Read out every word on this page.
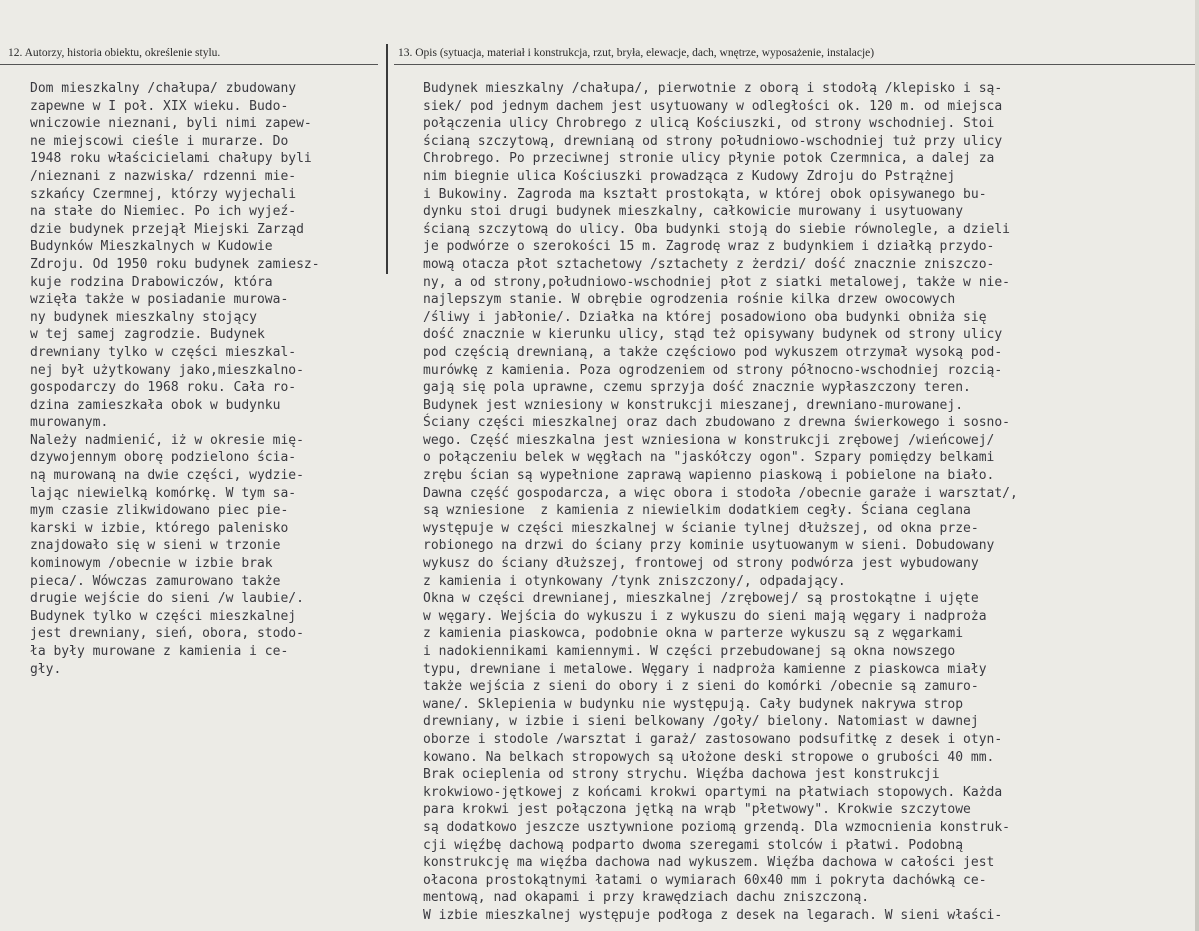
12. Autorzy, historia obiektu, określenie stylu.	13. Opis (sytuacja, materiał i konstrukcja, rzut, bryła, elewacje, dach, wnętrze, wyposażenie, instalacje)
Dom mieszkalny /chałupa/ zbudowany
zapewne w I poł. XIX wieku. Budo-
wniczowie nieznani, byli nimi zapew-
ne miejscowi cieśle i murarze. Do
1948 roku właścicielami chałupy byli
/nieznani z nazwiska/ rdzenni mie-
szkańcy Czermnej, którzy wyjechali
na stałe do Niemiec. Po ich wyjeź-
dzie budynek przejął Miejski Zarząd
Budynków Mieszkalnych w Kudowie
Zdroju. Od 1950 roku budynek zamiesz-
kuje rodzina Drabowiczów, która
wzięła także w posiadanie murowa-
ny budynek mieszkalny stojący
w tej samej zagrodzie. Budynek
drewniany tylko w części mieszkal-
nej był użytkowany jako,mieszkalno-
gospodarczy do 1968 roku. Cała ro-
dzina zamieszkała obok w budynku
murowanym.
Należy nadmienić, iż w okresie mię-
dzywojennym oborę podzielono ścia-
ną murowaną na dwie części, wydzie-
lając niewielką komórkę. W tym sa-
mym czasie zlikwidowano piec pie-
karski w izbie, którego palenisko
znajdowało się w sieni w trzonie
kominowym /obecnie w izbie brak
pieca/. Wówczas zamurowano także
drugie wejście do sieni /w laubie/.
Budynek tylko w części mieszkalnej
jest drewniany, sień, obora, stodo-
ła były murowane z kamienia i ce-
gły.
Budynek mieszkalny /chałupa/, pierwotnie z oborą i stodołą /klepisko i są-
siek/ pod jednym dachem jest usytuowany w odległości ok. 120 m. od miejsca
połączenia ulicy Chrobrego z ulicą Kościuszki, od strony wschodniej. Stoi
ścianą szczytową, drewnianą od strony południowo-wschodniej tuż przy ulicy
Chrobrego. Po przeciwnej stronie ulicy płynie potok Czermnica, a dalej za
nim biegnie ulica Kościuszki prowadząca z Kudowy Zdroju do Pstrążnej
i Bukowiny. Zagroda ma kształt prostokąta, w której obok opisywanego bu-
dynku stoi drugi budynek mieszkalny, całkowicie murowany i usytuowany
ścianą szczytową do ulicy. Oba budynki stoją do siebie równolegle, a dzieli
je podwórze o szerokości 15 m. Zagrodę wraz z budynkiem i działką przydo-
mową otacza płot sztachetowy /sztachety z żerdzi/ dość znacznie zniszczo-
ny, a od strony,południowo-wschodniej płot z siatki metalowej, także w nie-
najlepszym stanie. W obrębie ogrodzenia rośnie kilka drzew owocowych
/śliwy i jabłonie/. Działka na której posadowiono oba budynki obniża się
dość znacznie w kierunku ulicy, stąd też opisywany budynek od strony ulicy
pod częścią drewnianą, a także częściowo pod wykuszem otrzymał wysoką pod-
murówkę z kamienia. Poza ogrodzeniem od strony północno-wschodniej rozcią-
gają się pola uprawne, czemu sprzyja dość znacznie wypłaszczony teren.
Budynek jest wzniesiony w konstrukcji mieszanej, drewniano-murowanej.
Ściany części mieszkalnej oraz dach zbudowano z drewna świerkowego i sosno-
wego. Część mieszkalna jest wzniesiona w konstrukcji zrębowej /wieńcowej/
o połączeniu belek w węgłach na "jaskółczy ogon". Szpary pomiędzy belkami
zrębu ścian są wypełnione zaprawą wapienno piaskową i pobielone na biało.
Dawna część gospodarcza, a więc obora i stodoła /obecnie garaże i warsztat/,
są wzniesione  z kamienia z niewielkim dodatkiem cegły. Ściana ceglana
występuje w części mieszkalnej w ścianie tylnej dłuższej, od okna prze-
robionego na drzwi do ściany przy kominie usytuowanym w sieni. Dobudowany
wykusz do ściany dłuższej, frontowej od strony podwórza jest wybudowany
z kamienia i otynkowany /tynk zniszczony/, odpadający.
Okna w części drewnianej, mieszkalnej /zrębowej/ są prostokątne i ujęte
w węgary. Wejścia do wykuszu i z wykuszu do sieni mają węgary i nadproża
z kamienia piaskowca, podobnie okna w parterze wykuszu są z węgarkami
i nadokiennikami kamiennymi. W części przebudowanej są okna nowszego
typu, drewniane i metalowe. Węgary i nadproża kamienne z piaskowca miały
także wejścia z sieni do obory i z sieni do komórki /obecnie są zamuro-
wane/. Sklepienia w budynku nie występują. Cały budynek nakrywa strop
drewniany, w izbie i sieni belkowany /goły/ bielony. Natomiast w dawnej
oborze i stodole /warsztat i garaż/ zastosowano podsufitkę z desek i otyn-
kowano. Na belkach stropowych są ułożone deski stropowe o grubości 40 mm.
Brak ocieplenia od strony strychu. Więźba dachowa jest konstrukcji
krokwiowo-jętkowej z końcami krokwi opartymi na płatwiach stopowych. Każda
para krokwi jest połączona jętką na wrąb "płetwowy". Krokwie szczytowe
są dodatkowo jeszcze usztywnione poziomą grzendą. Dla wzmocnienia konstruk-
cji więźbę dachową podparto dwoma szeregami stolców i płatwi. Podobną
konstrukcję ma więźba dachowa nad wykuszem. Więźba dachowa w całości jest
ołacona prostokątnymi łatami o wymiarach 60x40 mm i pokryta dachówką ce-
mentową, nad okapami i przy krawędziach dachu zniszczoną.
W izbie mieszkalnej występuje podłoga z desek na legarach. W sieni właści-
